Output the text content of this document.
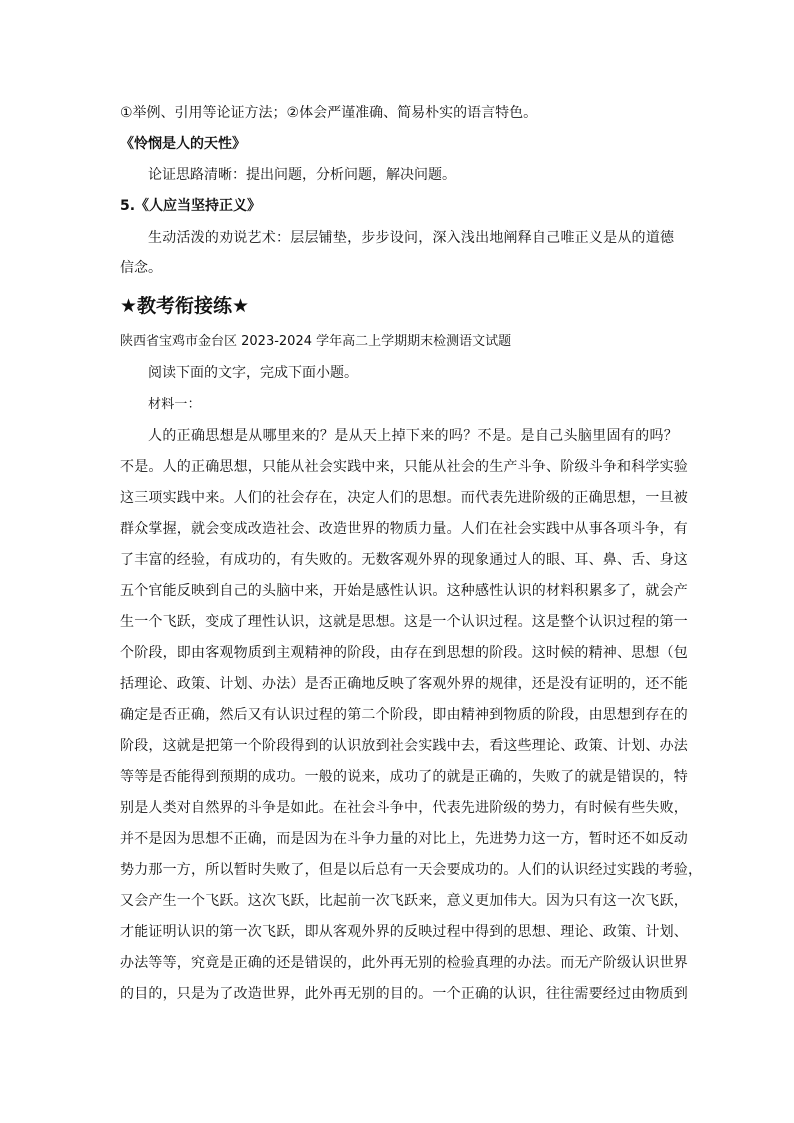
①举例、引用等论证方法；②体会严谨准确、简易朴实的语言特色。
《怜悯是人的天性》
论证思路清晰：提出问题，分析问题，解决问题。
5.《人应当坚持正义》
生动活泼的劝说艺术：层层铺垫，步步设问，深入浅出地阐释自己唯正义是从的道德
信念。
★教考衔接练★
陕西省宝鸡市金台区 2023-2024 学年高二上学期期末检测语文试题
阅读下面的文字，完成下面小题。
材料一：
人的正确思想是从哪里来的？是从天上掉下来的吗？不是。是自己头脑里固有的吗？
不是。人的正确思想，只能从社会实践中来，只能从社会的生产斗争、阶级斗争和科学实验
这三项实践中来。人们的社会存在，决定人们的思想。而代表先进阶级的正确思想，一旦被
群众掌握，就会变成改造社会、改造世界的物质力量。人们在社会实践中从事各项斗争，有
了丰富的经验，有成功的，有失败的。无数客观外界的现象通过人的眼、耳、鼻、舌、身这
五个官能反映到自己的头脑中来，开始是感性认识。这种感性认识的材料积累多了，就会产
生一个飞跃，变成了理性认识，这就是思想。这是一个认识过程。这是整个认识过程的第一
个阶段，即由客观物质到主观精神的阶段，由存在到思想的阶段。这时候的精神、思想（包
括理论、政策、计划、办法）是否正确地反映了客观外界的规律，还是没有证明的，还不能
确定是否正确，然后又有认识过程的第二个阶段，即由精神到物质的阶段，由思想到存在的
阶段，这就是把第一个阶段得到的认识放到社会实践中去，看这些理论、政策、计划、办法
等等是否能得到预期的成功。一般的说来，成功了的就是正确的，失败了的就是错误的，特
别是人类对自然界的斗争是如此。在社会斗争中，代表先进阶级的势力，有时候有些失败，
并不是因为思想不正确，而是因为在斗争力量的对比上，先进势力这一方，暂时还不如反动
势力那一方，所以暂时失败了，但是以后总有一天会要成功的。人们的认识经过实践的考验，
又会产生一个飞跃。这次飞跃，比起前一次飞跃来，意义更加伟大。因为只有这一次飞跃，
才能证明认识的第一次飞跃，即从客观外界的反映过程中得到的思想、理论、政策、计划、
办法等等，究竟是正确的还是错误的，此外再无别的检验真理的办法。而无产阶级认识世界
的目的，只是为了改造世界，此外再无别的目的。一个正确的认识，往往需要经过由物质到
